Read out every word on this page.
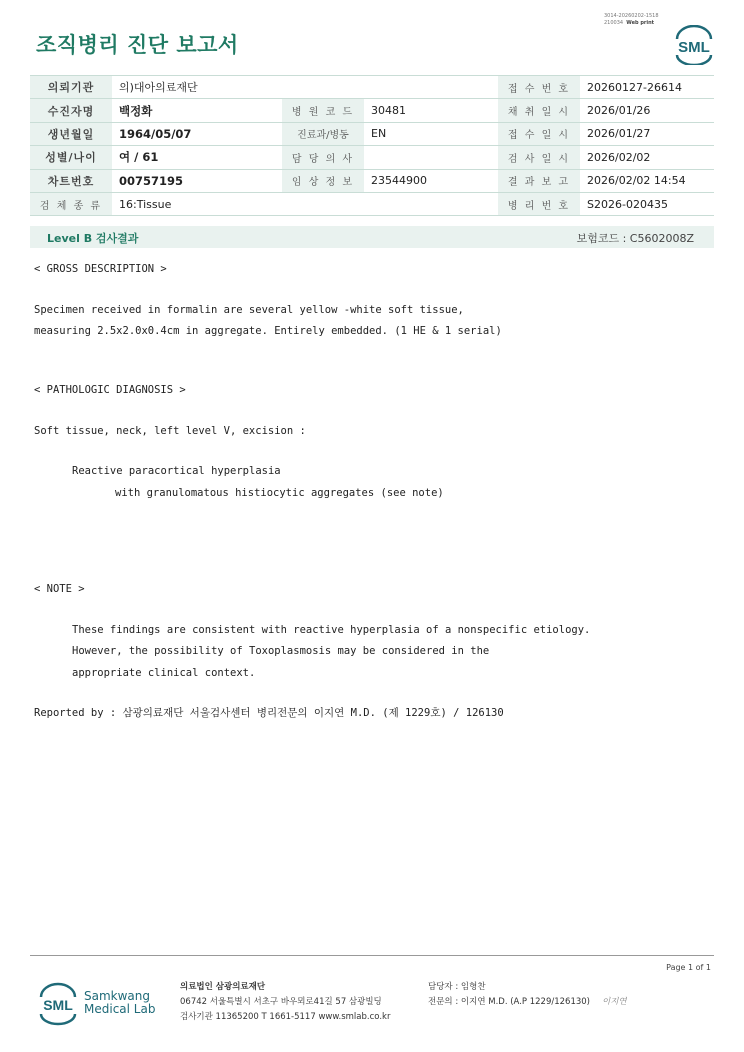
3014-20260202-1518
210034 Web print
조직병리 진단 보고서	SML
의뢰기관	의)대아의료재단			접 수 번 호	20260127-26614
수진자명	백정화	병 원 코 드	30481	채 취 일 시	2026/01/26
생년월일	1964/05/07	진료과/병동	EN	접 수 일 시	2026/01/27
성별/나이	여 / 61	담 당 의 사		검 사 일 시	2026/02/02
차트번호	00757195	임 상 정 보	23544900	결 과 보 고	2026/02/02 14:54
검 체 종 류	16:Tissue			병 리 번 호	S2026-020435
Level B 검사결과	보험코드 : C5602008Z
< GROSS DESCRIPTION >
Specimen received in formalin are several yellow -white soft tissue,
measuring 2.5x2.0x0.4cm in aggregate. Entirely embedded. (1 HE & 1 serial)
< PATHOLOGIC DIAGNOSIS >
Soft tissue, neck, left level V, excision :
Reactive paracortical hyperplasia
with granulomatous histiocytic aggregates (see note)
< NOTE >
These findings are consistent with reactive hyperplasia of a nonspecific etiology.
However, the possibility of Toxoplasmosis may be considered in the
appropriate clinical context.
Reported by : 삼광의료재단 서울검사센터 병리전문의 이지연 M.D. (제 1229호) / 126130
Page 1 of 1
SML
Samkwang
Medical Lab
의료법인 삼광의료재단
06742 서울특별시 서초구 바우뫼로41길 57 삼광빌딩
검사기관 11365200 T 1661-5117 www.smlab.co.kr
담당자 : 임형찬
전문의 : 이지연 M.D. (A.P 1229/126130) 이지연
